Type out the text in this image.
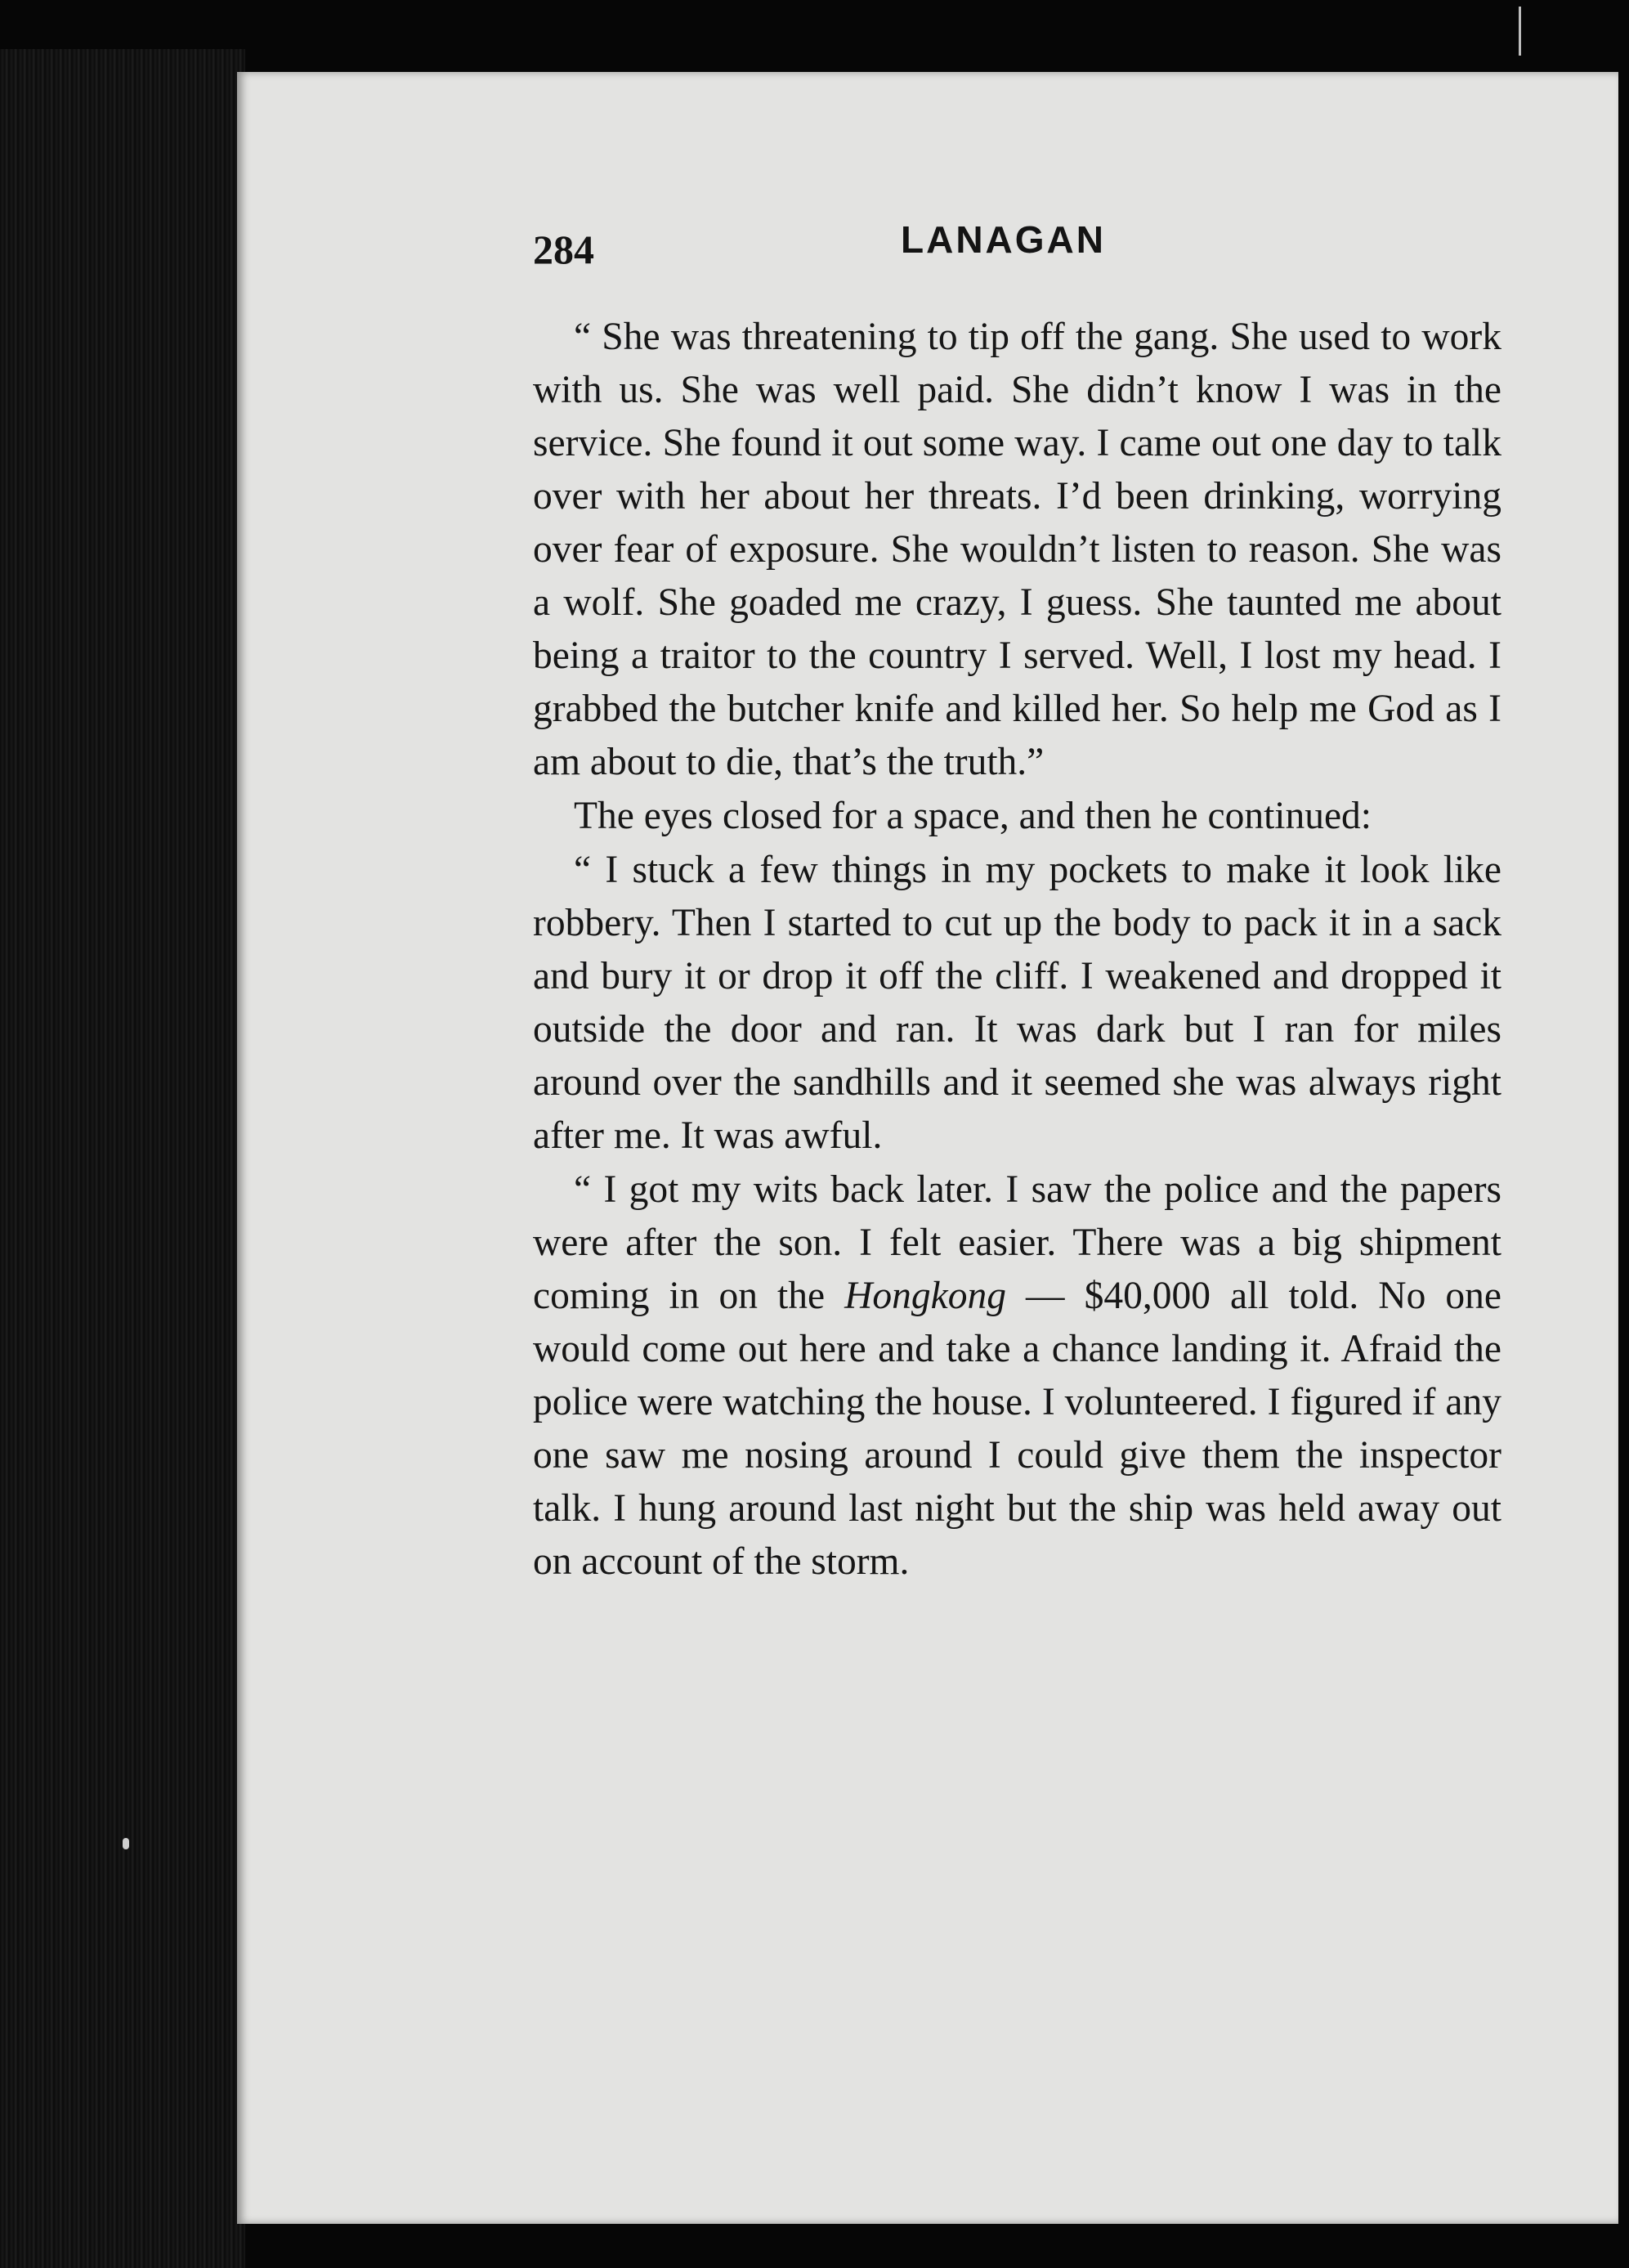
284	LANAGAN

“ She was threatening to tip off the gang. She used to work with us. She was well paid. She didn’t know I was in the service. She found it out some way. I came out one day to talk over with her about her threats. I’d been drinking, worrying over fear of exposure. She wouldn’t listen to reason. She was a wolf. She goaded me crazy, I guess. She taunted me about being a traitor to the country I served. Well, I lost my head. I grabbed the butcher knife and killed her. So help me God as I am about to die, that’s the truth.”

The eyes closed for a space, and then he continued:

“ I stuck a few things in my pockets to make it look like robbery. Then I started to cut up the body to pack it in a sack and bury it or drop it off the cliff. I weakened and dropped it outside the door and ran. It was dark but I ran for miles around over the sandhills and it seemed she was always right after me. It was awful.

“ I got my wits back later. I saw the police and the papers were after the son. I felt easier. There was a big shipment coming in on the Hongkong — $40,000 all told. No one would come out here and take a chance landing it. Afraid the police were watching the house. I volunteered. I figured if any one saw me nosing around I could give them the inspector talk. I hung around last night but the ship was held away out on account of the storm.
